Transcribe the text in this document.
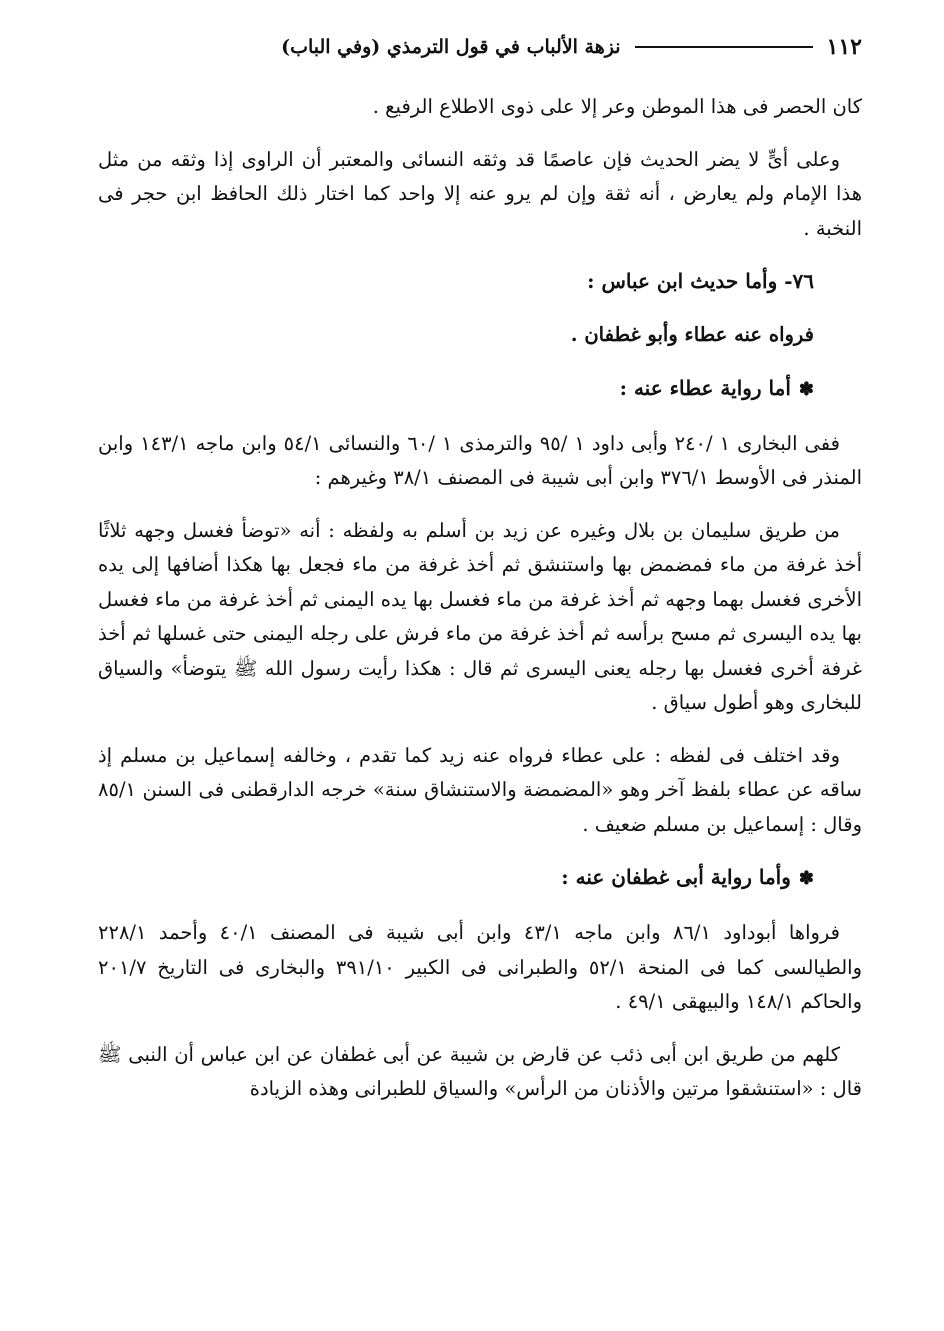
١١٢
نزهة الألباب في قول الترمذي (وفي الباب)

كان الحصر فى هذا الموطن وعر إلا على ذوى الاطلاع الرفيع .

وعلى أىٍّ لا يضر الحديث فإن عاصمًا قد وثقه النسائى والمعتبر أن الراوى إذا وثقه من مثل هذا الإمام ولم يعارض ، أنه ثقة وإن لم يرو عنه إلا واحد كما اختار ذلك الحافظ ابن حجر فى النخبة .

٧٦- وأما حديث ابن عباس :

فرواه عنه عطاء وأبو غطفان .

✽أما رواية عطاء عنه :

ففى البخارى ١ /٢٤٠ وأبى داود ١ /٩٥ والترمذى ١ /٦٠ والنسائى ٥٤/١ وابن ماجه ١٤٣/١ وابن المنذر فى الأوسط ٣٧٦/١ وابن أبى شيبة فى المصنف ٣٨/١ وغيرهم :

من طريق سليمان بن بلال وغيره عن زيد بن أسلم به ولفظه : أنه «توضأ فغسل وجهه ثلاثًا أخذ غرفة من ماء فمضمض بها واستنشق ثم أخذ غرفة من ماء فجعل بها هكذا أضافها إلى يده الأخرى فغسل بهما وجهه ثم أخذ غرفة من ماء فغسل بها يده اليمنى ثم أخذ غرفة من ماء فغسل بها يده اليسرى ثم مسح برأسه ثم أخذ غرفة من ماء فرش على رجله اليمنى حتى غسلها ثم أخذ غرفة أخرى فغسل بها رجله يعنى اليسرى ثم قال : هكذا رأيت رسول الله ﷺ يتوضأ» والسياق للبخارى وهو أطول سياق .

وقد اختلف فى لفظه : على عطاء فرواه عنه زيد كما تقدم ، وخالفه إسماعيل بن مسلم إذ ساقه عن عطاء بلفظ آخر وهو «المضمضة والاستنشاق سنة» خرجه الدارقطنى فى السنن ٨٥/١ وقال : إسماعيل بن مسلم ضعيف .

✽وأما رواية أبى غطفان عنه :

فرواها أبوداود ٨٦/١ وابن ماجه ٤٣/١ وابن أبى شيبة فى المصنف ٤٠/١ وأحمد ٢٢٨/١ والطيالسى كما فى المنحة ٥٢/١ والطبرانى فى الكبير ٣٩١/١٠ والبخارى فى التاريخ ٢٠١/٧ والحاكم ١٤٨/١ والبيهقى ٤٩/١ .

كلهم من طريق ابن أبى ذئب عن قارض بن شيبة عن أبى غطفان عن ابن عباس أن النبى ﷺ قال : «استنشقوا مرتين والأذنان من الرأس» والسياق للطبرانى وهذه الزيادة
